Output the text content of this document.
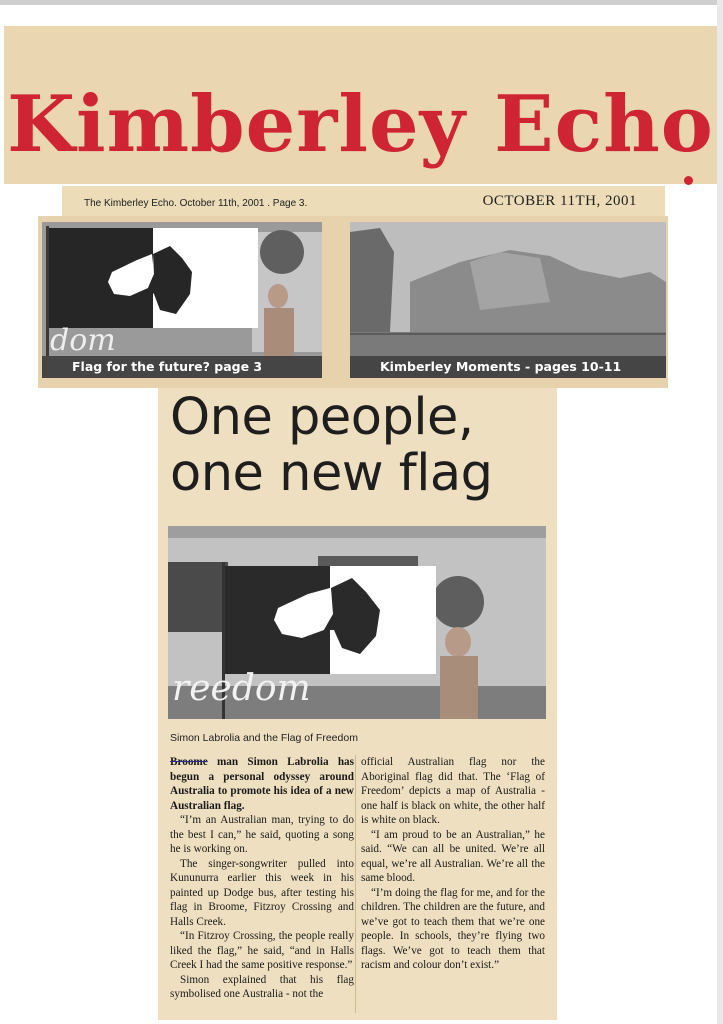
Kimberley Echo
The Kimberley Echo. October 11th, 2001 . Page 3.	OCTOBER 11TH, 2001
dom
Flag for the future? page 3	Kimberley Moments - pages 10-11
One people,
one new flag
reedom
Simon Labrolia and the Flag of Freedom

Broome man Simon Labrolia has begun a personal odyssey around Australia to promote his idea of a new Australian flag.

“I’m an Australian man, trying to do the best I can,” he said, quoting a song he is working on.

The singer-songwriter pulled into Kununurra earlier this week in his painted up Dodge bus, after testing his flag in Broome, Fitzroy Crossing and Halls Creek.

“In Fitzroy Crossing, the people really liked the flag,” he said, “and in Halls Creek I had the same positive response.”

Simon explained that his flag symbolised one Australia - not the

official Australian flag nor the Aboriginal flag did that. The ‘Flag of Freedom’ depicts a map of Australia - one half is black on white, the other half is white on black.

“I am proud to be an Australian,” he said. “We can all be united. We’re all equal, we’re all Australian. We’re all the same blood.

“I’m doing the flag for me, and for the children. The children are the future, and we’ve got to teach them that we’re one people. In schools, they’re flying two flags. We’ve got to teach them that racism and colour don’t exist.”
